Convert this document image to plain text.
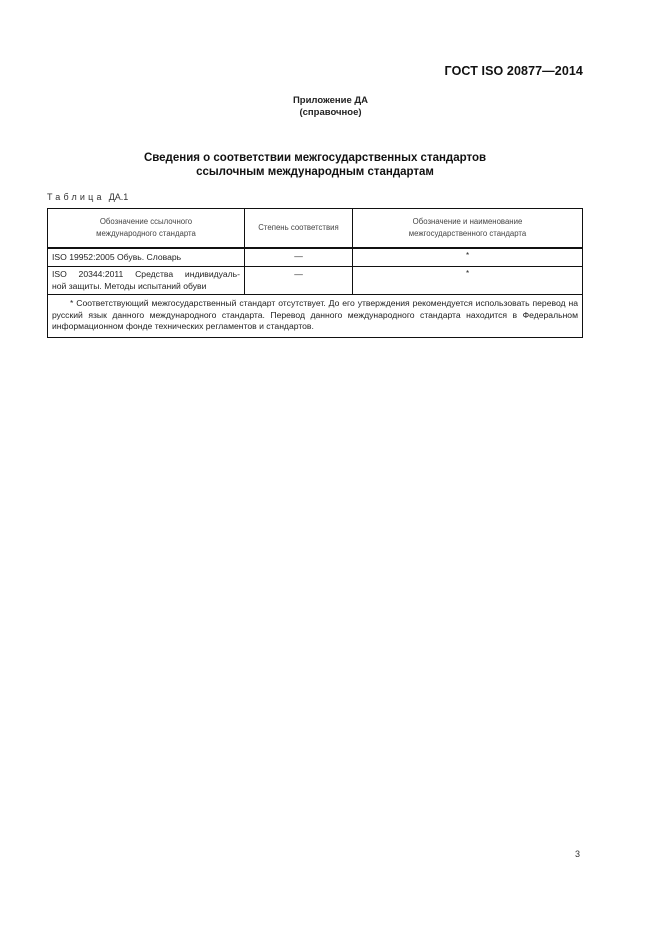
ГОСТ ISO 20877—2014
Приложение ДА
(справочное)
Сведения о соответствии межгосударственных стандартов
ссылочным международным стандартам
Таблица ДА.1
Обозначение ссылочного
международного стандарта	Степень соответствия	Обозначение и наименование
межгосударственного стандарта
ISO 19952:2005 Обувь. Словарь	—	*

ISO 20344:2011 Средства индивидуаль-
ной защиты. Методы испытаний обуви	—	*

* Соответствующий межгосударственный стандарт отсутствует. До его утверждения рекомендуется использовать перевод на русский язык данного международного стандарта. Перевод данного международного стандарта находится в Федеральном информационном фонде технических регламентов и стандартов.		
3
